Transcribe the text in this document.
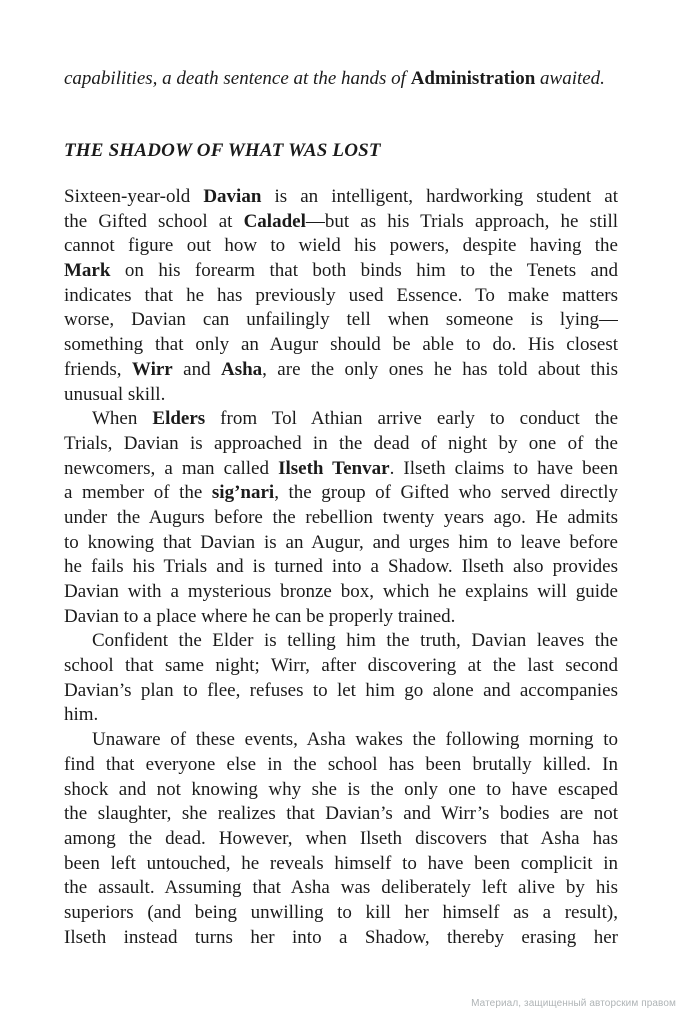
capabilities, a death sentence at the hands of Administration awaited.
THE SHADOW OF WHAT WAS LOST
Sixteen-year-old Davian is an intelligent, hardworking student at
the Gifted school at Caladel—but as his Trials approach, he still
cannot figure out how to wield his powers, despite having the
Mark on his forearm that both binds him to the Tenets and
indicates that he has previously used Essence. To make matters
worse, Davian can unfailingly tell when someone is lying—
something that only an Augur should be able to do. His closest
friends, Wirr and Asha, are the only ones he has told about this
unusual skill.
When Elders from Tol Athian arrive early to conduct the
Trials, Davian is approached in the dead of night by one of the
newcomers, a man called Ilseth Tenvar. Ilseth claims to have been
a member of the sig’nari, the group of Gifted who served directly
under the Augurs before the rebellion twenty years ago. He admits
to knowing that Davian is an Augur, and urges him to leave before
he fails his Trials and is turned into a Shadow. Ilseth also provides
Davian with a mysterious bronze box, which he explains will guide
Davian to a place where he can be properly trained.
Confident the Elder is telling him the truth, Davian leaves the
school that same night; Wirr, after discovering at the last second
Davian’s plan to flee, refuses to let him go alone and accompanies
him.
Unaware of these events, Asha wakes the following morning to
find that everyone else in the school has been brutally killed. In
shock and not knowing why she is the only one to have escaped
the slaughter, she realizes that Davian’s and Wirr’s bodies are not
among the dead. However, when Ilseth discovers that Asha has
been left untouched, he reveals himself to have been complicit in
the assault. Assuming that Asha was deliberately left alive by his
superiors (and being unwilling to kill her himself as a result),
Ilseth instead turns her into a Shadow, thereby erasing her
Материал, защищенный авторским правом
